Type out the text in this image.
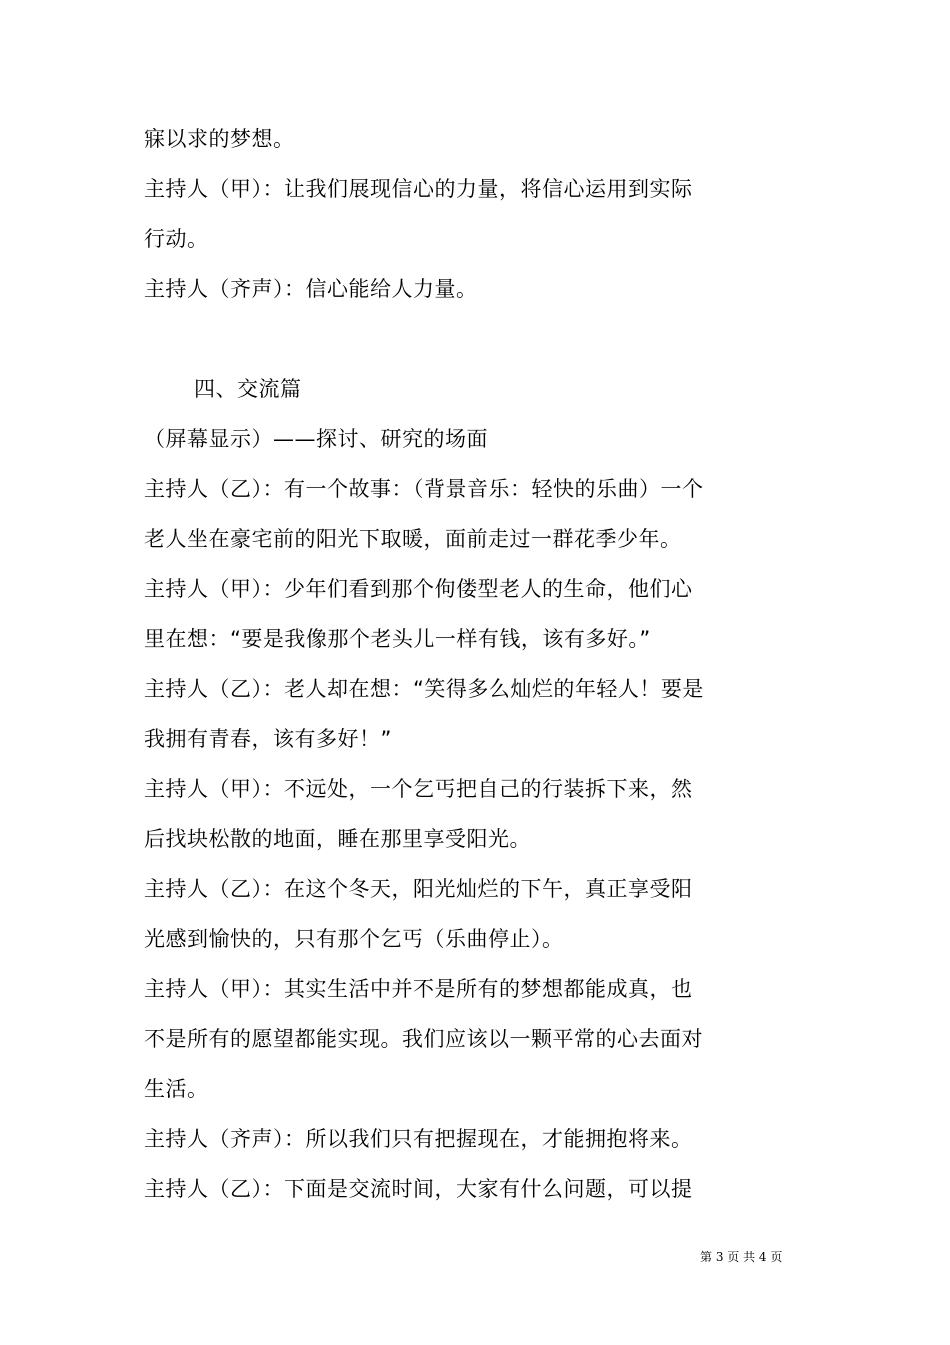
寐以求的梦想。
主持人（甲）：让我们展现信心的力量，将信心运用到实际
行动。
主持人（齐声）：信心能给人力量。
四、交流篇
（屏幕显示）——探讨、研究的场面
主持人（乙）：有一个故事：（背景音乐：轻快的乐曲）一个
老人坐在豪宅前的阳光下取暖，面前走过一群花季少年。
主持人（甲）：少年们看到那个佝偻型老人的生命，他们心
里在想：“要是我像那个老头儿一样有钱，该有多好。”
主持人（乙）：老人却在想：“笑得多么灿烂的年轻人！要是
我拥有青春，该有多好！”
主持人（甲）：不远处，一个乞丐把自己的行装拆下来，然
后找块松散的地面，睡在那里享受阳光。
主持人（乙）：在这个冬天，阳光灿烂的下午，真正享受阳
光感到愉快的，只有那个乞丐（乐曲停止）。
主持人（甲）：其实生活中并不是所有的梦想都能成真，也
不是所有的愿望都能实现。我们应该以一颗平常的心去面对
生活。
主持人（齐声）：所以我们只有把握现在，才能拥抱将来。
主持人（乙）：下面是交流时间，大家有什么问题，可以提
第 3 页 共 4 页
